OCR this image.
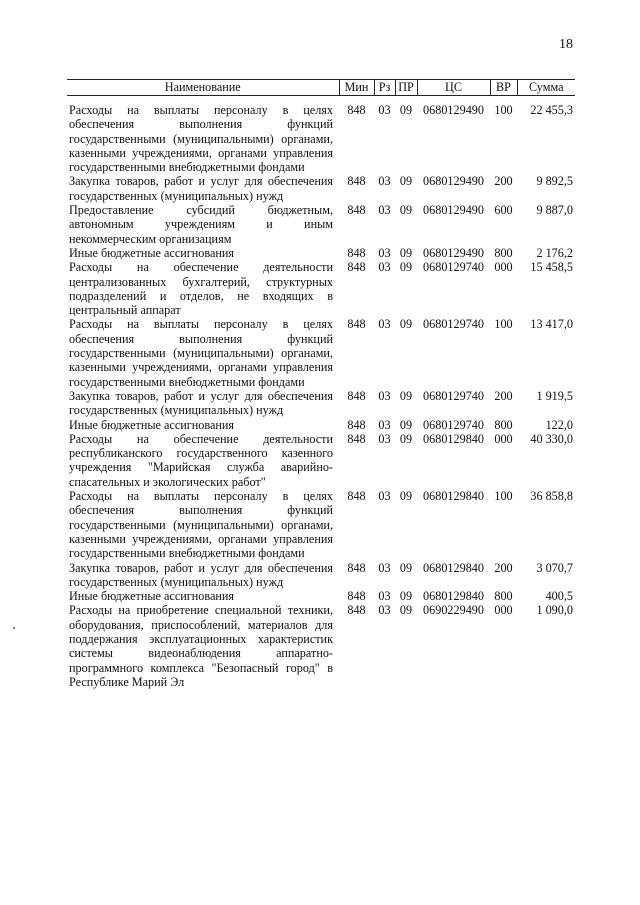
18
Наименование	Мин	Рз	ПР	ЦС	ВР	Сумма
Расходы на выплаты персоналу в целях обеспечения выполнения функций государственными (муниципальными) органами, казенными учреждениями, органами управления государственными внебюджетными фондами	848	03	09	0680129490	100	22 455,3
Закупка товаров, работ и услуг для обеспечения государственных (муниципальных) нужд	848	03	09	0680129490	200	9 892,5
Предоставление субсидий бюджетным, автономным учреждениям и иным некоммерческим организациям	848	03	09	0680129490	600	9 887,0
Иные бюджетные ассигнования	848	03	09	0680129490	800	2 176,2
Расходы на обеспечение деятельности централизованных бухгалтерий, структурных подразделений и отделов, не входящих в центральный аппарат	848	03	09	0680129740	000	15 458,5
Расходы на выплаты персоналу в целях обеспечения выполнения функций государственными (муниципальными) органами, казенными учреждениями, органами управления государственными внебюджетными фондами	848	03	09	0680129740	100	13 417,0
Закупка товаров, работ и услуг для обеспечения государственных (муниципальных) нужд	848	03	09	0680129740	200	1 919,5
Иные бюджетные ассигнования	848	03	09	0680129740	800	122,0
Расходы на обеспечение деятельности республиканского государственного казенного учреждения "Марийская служба аварийно-спасательных и экологических работ"	848	03	09	0680129840	000	40 330,0
Расходы на выплаты персоналу в целях обеспечения выполнения функций государственными (муниципальными) органами, казенными учреждениями, органами управления государственными внебюджетными фондами	848	03	09	0680129840	100	36 858,8
Закупка товаров, работ и услуг для обеспечения государственных (муниципальных) нужд	848	03	09	0680129840	200	3 070,7
Иные бюджетные ассигнования	848	03	09	0680129840	800	400,5
Расходы на приобретение специальной техники, оборудования, приспособлений, материалов для поддержания эксплуатационных характеристик системы видеонаблюдения аппаратно-программного комплекса "Безопасный город" в Республике Марий Эл	848	03	09	0690229490	000	1 090,0
